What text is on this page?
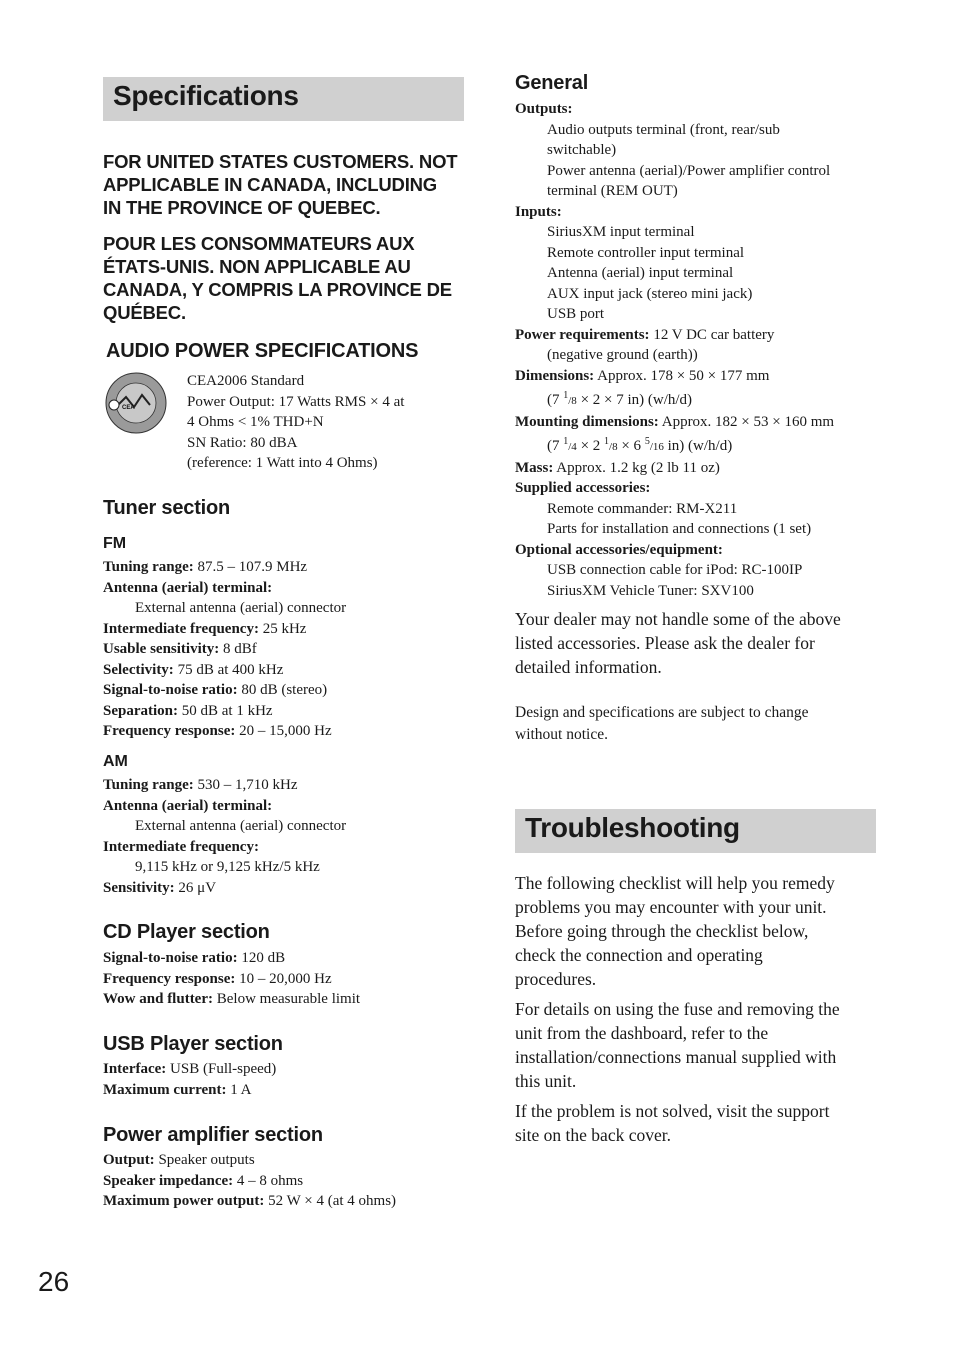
Specifications
FOR UNITED STATES CUSTOMERS. NOT
APPLICABLE IN CANADA, INCLUDING
IN THE PROVINCE OF QUEBEC.
POUR LES CONSOMMATEURS AUX
ÉTATS-UNIS. NON APPLICABLE AU
CANADA, Y COMPRIS LA PROVINCE DE
QUÉBEC.
AUDIO POWER SPECIFICATIONS
CEA
CEA2006 Standard
Power Output: 17 Watts RMS × 4 at
4 Ohms < 1% THD+N
SN Ratio: 80 dBA
(reference: 1 Watt into 4 Ohms)
Tuner section
FM
Tuning range: 87.5 – 107.9 MHz
Antenna (aerial) terminal:
External antenna (aerial) connector
Intermediate frequency: 25 kHz
Usable sensitivity: 8 dBf
Selectivity: 75 dB at 400 kHz
Signal-to-noise ratio: 80 dB (stereo)
Separation: 50 dB at 1 kHz
Frequency response: 20 – 15,000 Hz
AM
Tuning range: 530 – 1,710 kHz
Antenna (aerial) terminal:
External antenna (aerial) connector
Intermediate frequency:
9,115 kHz or 9,125 kHz/5 kHz
Sensitivity: 26 μV
CD Player section
Signal-to-noise ratio: 120 dB
Frequency response: 10 – 20,000 Hz
Wow and flutter: Below measurable limit
USB Player section
Interface: USB (Full-speed)
Maximum current: 1 A
Power amplifier section
Output: Speaker outputs
Speaker impedance: 4 – 8 ohms
Maximum power output: 52 W × 4 (at 4 ohms)
General
Outputs:
Audio outputs terminal (front, rear/sub
switchable)
Power antenna (aerial)/Power amplifier control
terminal (REM OUT)
Inputs:
SiriusXM input terminal
Remote controller input terminal
Antenna (aerial) input terminal
AUX input jack (stereo mini jack)
USB port
Power requirements: 12 V DC car battery
(negative ground (earth))
Dimensions: Approx. 178 × 50 × 177 mm
(7 $^1$/8 × 2 × 7 in) (w/h/d)
Mounting dimensions: Approx. 182 × 53 × 160 mm
(7 $^1$/4 × 2 $^1$/8 × 6 $^5$/16 in) (w/h/d)
Mass: Approx. 1.2 kg (2 lb 11 oz)
Supplied accessories:
Remote commander: RM-X211
Parts for installation and connections (1 set)
Optional accessories/equipment:
USB connection cable for iPod: RC-100IP
SiriusXM Vehicle Tuner: SXV100
Your dealer may not handle some of the above
listed accessories. Please ask the dealer for
detailed information.
Design and specifications are subject to change
without notice.
Troubleshooting
The following checklist will help you remedy
problems you may encounter with your unit.
Before going through the checklist below,
check the connection and operating
procedures.
For details on using the fuse and removing the
unit from the dashboard, refer to the
installation/connections manual supplied with
this unit.
If the problem is not solved, visit the support
site on the back cover.
26
